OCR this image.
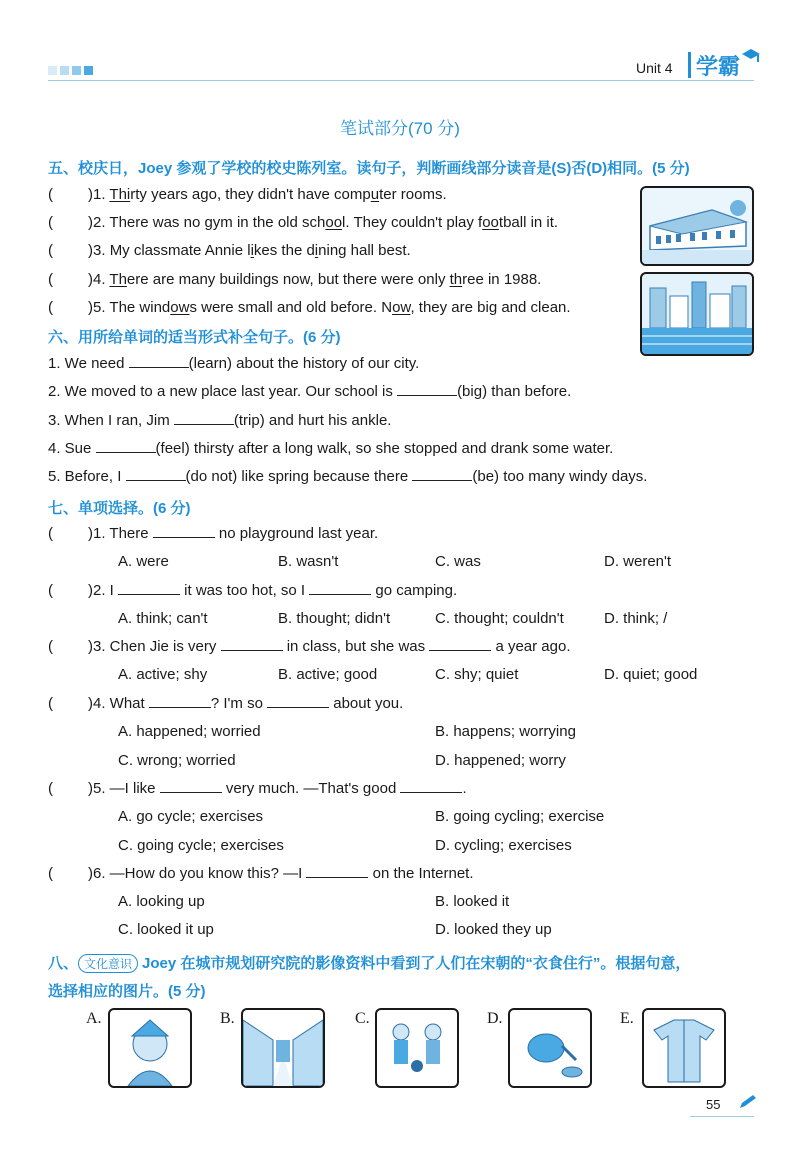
Unit 4 学霸
笔试部分(70 分)
五、校庆日，Joey 参观了学校的校史陈列室。读句子，判断画线部分读音是(S)否(D)相同。(5 分)
( )1. Thirty years ago, they didn't have computer rooms.
( )2. There was no gym in the old school. They couldn't play football in it.
( )3. My classmate Annie likes the dining hall best.
( )4. There are many buildings now, but there were only three in 1988.
( )5. The windows were small and old before. Now, they are big and clean.
六、用所给单词的适当形式补全句子。(6 分)
1. We need	(learn) about the history of our city.
2. We moved to a new place last year. Our school is	(big) than before.
3. When I ran, Jim	(trip) and hurt his ankle.
4. Sue	(feel) thirsty after a long walk, so she stopped and drank some water.
5. Before, I	(do not) like spring because there	(be) too many windy days.
七、单项选择。(6 分)
( )1. There	no playground last year.
A. were	B. wasn't	C. was	D. weren't
( )2. I	it was too hot, so I	go camping.
A. think; can't	B. thought; didn't	C. thought; couldn't	D. think; /
( )3. Chen Jie is very	in class, but she was	a year ago.
A. active; shy	B. active; good	C. shy; quiet	D. quiet; good
( )4. What	? I'm so	about you.
A. happened; worried	B. happens; worrying
C. wrong; worried	D. happened; worry
( )5. —I like	very much. —That's good	.
A. go cycle; exercises	B. going cycling; exercise
C. going cycle; exercises	D. cycling; exercises
( )6. —How do you know this? —I	on the Internet.
A. looking up	B. looked it
C. looked it up	D. looked they up
八、 文化意识 Joey 在城市规划研究院的影像资料中看到了人们在宋朝的“衣食住行”。根据句意，
选择相应的图片。(5 分)
A.	B.	C.	D.	E.
55
